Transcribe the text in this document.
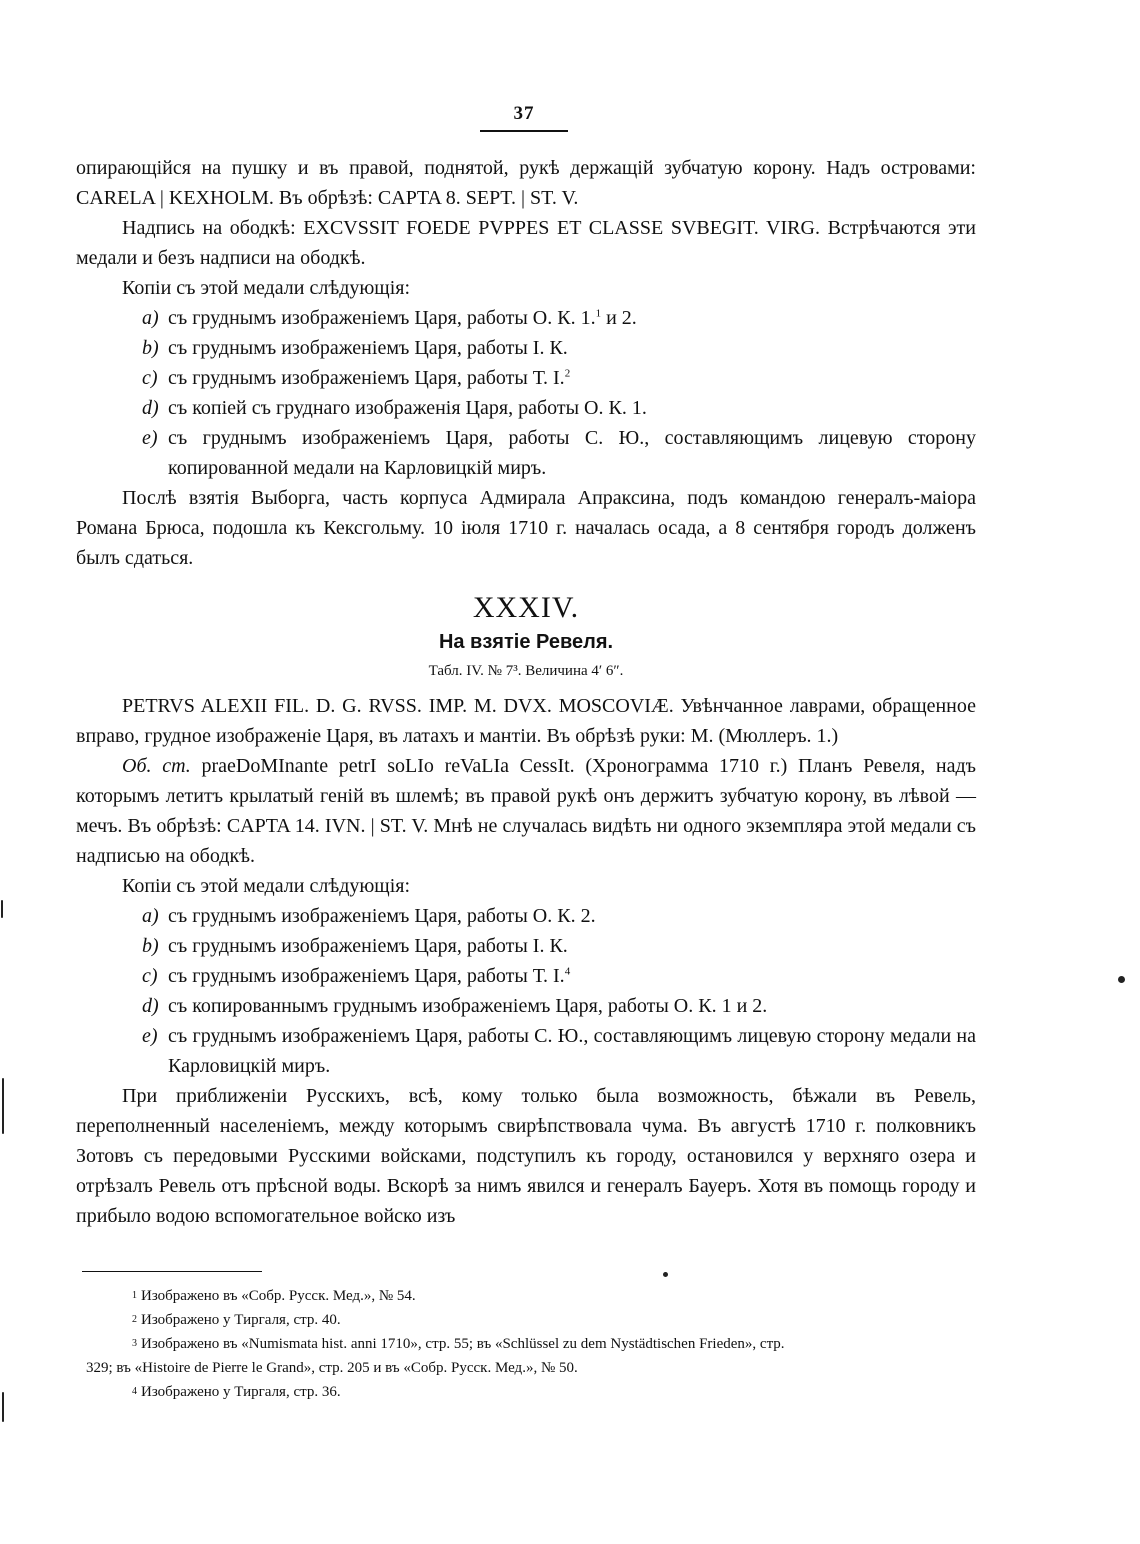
37

опирающійся на пушку и въ правой, поднятой, рукѣ держащій зубчатую корону. Надъ островами: CARELA | KEXHOLM. Въ обрѣзѣ: CAPTA 8. SEPT. | ST. V.

Надпись на ободкѣ: EXCVSSIT FOEDE PVPPES ET CLASSE SVBEGIT. VIRG. Встрѣчаются эти медали и безъ надписи на ободкѣ.

Копіи съ этой медали слѣдующія:

a) съ груднымъ изображеніемъ Царя, работы О. К. 1.$^1$ и 2.

b) съ груднымъ изображеніемъ Царя, работы І. К.

c) съ груднымъ изображеніемъ Царя, работы Т. І.$^2$

d) съ копіей съ груднаго изображенія Царя, работы О. К. 1.

e) съ груднымъ изображеніемъ Царя, работы С. Ю., составляющимъ лицевую сторону копированной медали на Карловицкій миръ.

Послѣ взятія Выборга, часть корпуса Адмирала Апраксина, подъ командою генералъ-маіора Романа Брюса, подошла къ Кексгольму. 10 іюля 1710 г. началась осада, а 8 сентября городъ долженъ былъ сдаться.

XXXIV.
На взятіе Ревеля.
Табл. IV. № 7³. Величина 4′ 6″.

PETRVS ALEXII FIL. D. G. RVSS. IMP. M. DVX. MOSCOVIÆ. Увѣнчанное лаврами, обращенное вправо, грудное изображеніе Царя, въ латахъ и мантіи. Въ обрѣзѣ руки: М. (Мюллеръ. 1.)

Об. ст. praeDoMInante petrI soLIo reVaLIa CessIt. (Хронограмма 1710 г.) Планъ Ревеля, надъ которымъ летитъ крылатый геній въ шлемѣ; въ правой рукѣ онъ держитъ зубчатую корону, въ лѣвой — мечъ. Въ обрѣзѣ: CAPTA 14. IVN. | ST. V. Мнѣ не случалась видѣть ни одного экземпляра этой медали съ надписью на ободкѣ.

Копіи съ этой медали слѣдующія:

a) съ груднымъ изображеніемъ Царя, работы О. К. 2.

b) съ груднымъ изображеніемъ Царя, работы І. К.

c) съ груднымъ изображеніемъ Царя, работы Т. І.$^4$

d) съ копированнымъ груднымъ изображеніемъ Царя, работы О. К. 1 и 2.

e) съ груднымъ изображеніемъ Царя, работы С. Ю., составляющимъ лицевую сторону медали на Карловицкій миръ.

При приближеніи Русскихъ, всѣ, кому только была возможность, бѣжали въ Ревель, переполненный населеніемъ, между которымъ свирѣпствовала чума. Въ августѣ 1710 г. полковникъ Зотовъ съ передовыми Русскими войсками, подступилъ къ городу, остановился у верхняго озера и отрѣзалъ Ревель отъ прѣсной воды. Вскорѣ за нимъ явился и генералъ Бауеръ. Хотя въ помощь городу и прибыло водою вспомогательное войско изъ

$^1$ Изображено въ «Собр. Русск. Мед.», № 54.

$^2$ Изображено у Тиргаля, стр. 40.

$^3$ Изображено въ «Numismata hist. anni 1710», стр. 55; въ «Schlüssel zu dem Nystädtischen Frieden», стр.

329; въ «Histoire de Pierre le Grand», стр. 205 и въ «Собр. Русск. Мед.», № 50.

$^4$ Изображено у Тиргаля, стр. 36.
